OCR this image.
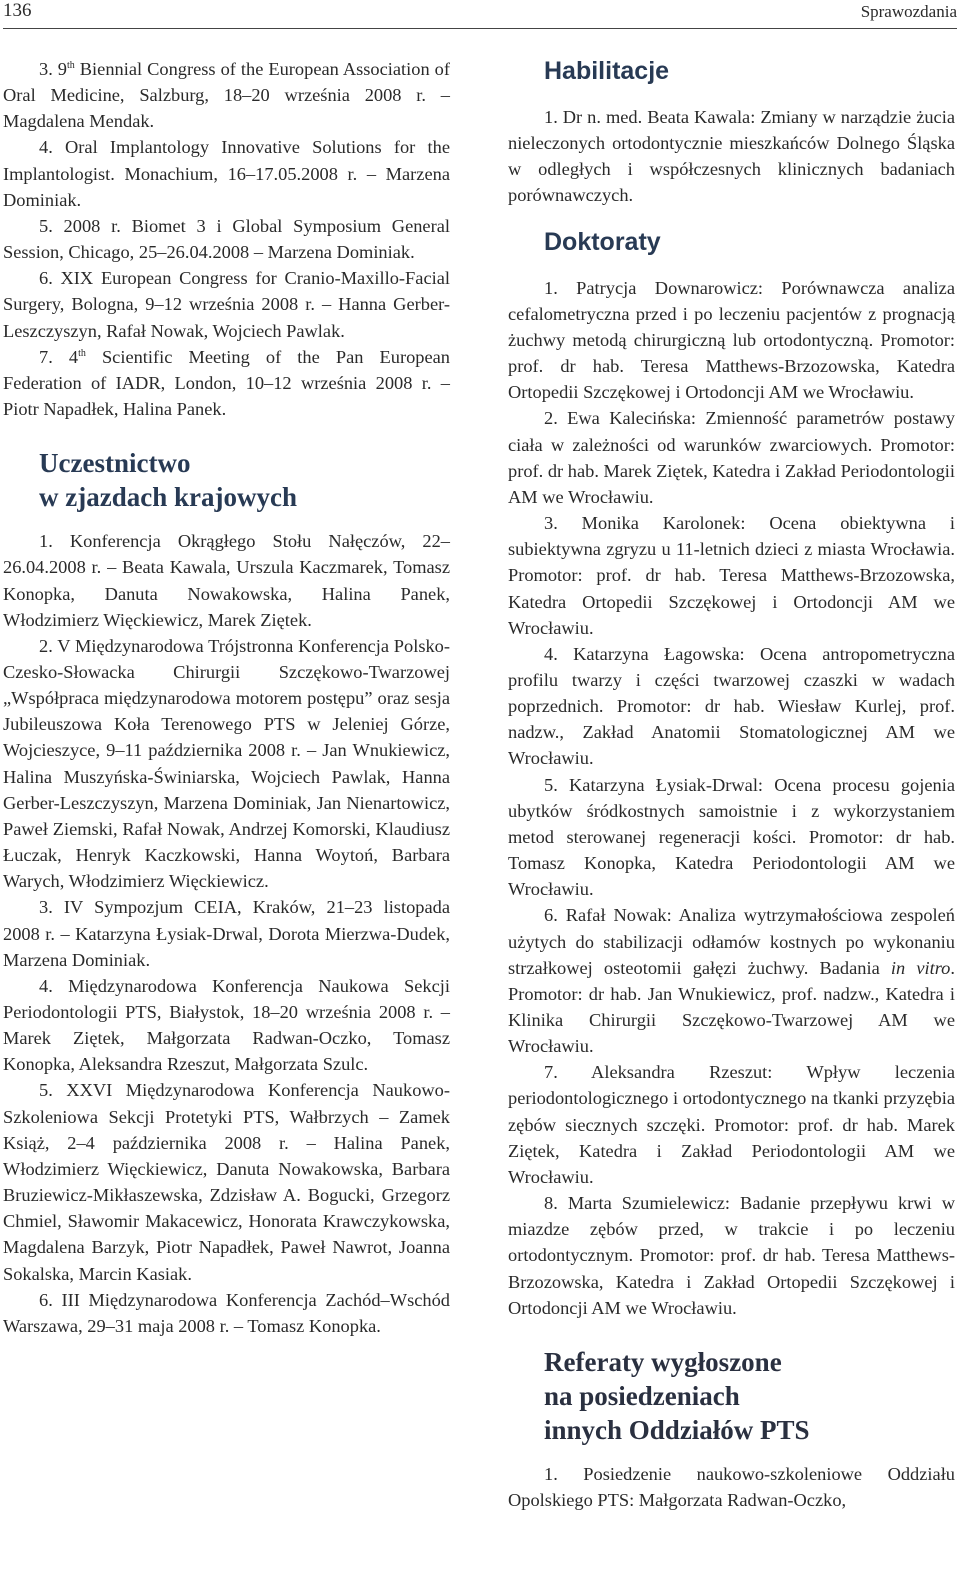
136	Sprawozdania

3. 9th Biennial Congress of the European Association of Oral Medicine, Salzburg, 18–20 września 2008 r. – Magdalena Mendak.

4. Oral Implantology Innovative Solutions for the Implantologist. Monachium, 16–17.05.2008 r. – Marzena Dominiak.

5. 2008 r. Biomet 3 i Global Symposium General Session, Chicago, 25–26.04.2008 – Marzena Dominiak.

6. XIX European Congress for Cranio-Maxillo-Facial Surgery, Bologna, 9–12 września 2008 r. – Hanna Gerber-Leszczyszyn, Rafał Nowak, Wojciech Pawlak.

7. 4th Scientific Meeting of the Pan European Federation of IADR, London, 10–12 września 2008 r. – Piotr Napadłek, Halina Panek.

Uczestnictwo
w zjazdach krajowych

1. Konferencja Okrągłego Stołu Nałęczów, 22–26.04.2008 r. – Beata Kawala, Urszula Kaczmarek, Tomasz Konopka, Danuta Nowakowska, Halina Panek, Włodzimierz Więckiewicz, Marek Ziętek.

2. V Międzynarodowa Trójstronna Konferencja Polsko-Czesko-Słowacka Chirurgii Szczękowo-Twarzowej „Współpraca międzynarodowa motorem postępu” oraz sesja Jubileuszowa Koła Terenowego PTS w Jeleniej Górze, Wojcieszyce, 9–11 października 2008 r. – Jan Wnukiewicz, Halina Muszyńska-Świniarska, Wojciech Pawlak, Hanna Gerber-Leszczyszyn, Marzena Dominiak, Jan Nienartowicz, Paweł Ziemski, Rafał Nowak, Andrzej Komorski, Klaudiusz Łuczak, Henryk Kaczkowski, Hanna Woytoń, Barbara Warych, Włodzimierz Więckiewicz.

3. IV Sympozjum CEIA, Kraków, 21–23 listopada 2008 r. – Katarzyna Łysiak-Drwal, Dorota Mierzwa-Dudek, Marzena Dominiak.

4. Międzynarodowa Konferencja Naukowa Sekcji Periodontologii PTS, Białystok, 18–20 września 2008 r. – Marek Ziętek, Małgorzata Radwan-Oczko, Tomasz Konopka, Aleksandra Rzeszut, Małgorzata Szulc.

5. XXVI Międzynarodowa Konferencja Naukowo-Szkoleniowa Sekcji Protetyki PTS, Wałbrzych – Zamek Książ, 2–4 października 2008 r. – Halina Panek, Włodzimierz Więckiewicz, Danuta Nowakowska, Barbara Bruziewicz-Mikłaszewska, Zdzisław A. Bogucki, Grzegorz Chmiel, Sławomir Makacewicz, Honorata Krawczykowska, Magdalena Barzyk, Piotr Napadłek, Paweł Nawrot, Joanna Sokalska, Marcin Kasiak.

6. III Międzynarodowa Konferencja Zachód–Wschód Warszawa, 29–31 maja 2008 r. – Tomasz Konopka.

Habilitacje

1. Dr n. med. Beata Kawala: Zmiany w narządzie żucia nieleczonych ortodontycznie mieszkańców Dolnego Śląska w odległych i współczesnych klinicznych badaniach porównawczych.

Doktoraty

1. Patrycja Downarowicz: Porównawcza analiza cefalometryczna przed i po leczeniu pacjentów z prognacją żuchwy metodą chirurgiczną lub ortodontyczną. Promotor: prof. dr hab. Teresa Matthews-Brzozowska, Katedra Ortopedii Szczękowej i Ortodoncji AM we Wrocławiu.

2. Ewa Kalecińska: Zmienność parametrów postawy ciała w zależności od warunków zwarciowych. Promotor: prof. dr hab. Marek Ziętek, Katedra i Zakład Periodontologii AM we Wrocławiu.

3. Monika Karolonek: Ocena obiektywna i subiektywna zgryzu u 11-letnich dzieci z miasta Wrocławia. Promotor: prof. dr hab. Teresa Matthews-Brzozowska, Katedra Ortopedii Szczękowej i Ortodoncji AM we Wrocławiu.

4. Katarzyna Łagowska: Ocena antropometryczna profilu twarzy i części twarzowej czaszki w wadach poprzednich. Promotor: dr hab. Wiesław Kurlej, prof. nadzw., Zakład Anatomii Stomatologicznej AM we Wrocławiu.

5. Katarzyna Łysiak-Drwal: Ocena procesu gojenia ubytków śródkostnych samoistnie i z wykorzystaniem metod sterowanej regeneracji kości. Promotor: dr hab. Tomasz Konopka, Katedra Periodontologii AM we Wrocławiu.

6. Rafał Nowak: Analiza wytrzymałościowa zespoleń użytych do stabilizacji odłamów kostnych po wykonaniu strzałkowej osteotomii gałęzi żuchwy. Badania in vitro. Promotor: dr hab. Jan Wnukiewicz, prof. nadzw., Katedra i Klinika Chirurgii Szczękowo-Twarzowej AM we Wrocławiu.

7. Aleksandra Rzeszut: Wpływ leczenia periodontologicznego i ortodontycznego na tkanki przyzębia zębów siecznych szczęki. Promotor: prof. dr hab. Marek Ziętek, Katedra i Zakład Periodontologii AM we Wrocławiu.

8. Marta Szumielewicz: Badanie przepływu krwi w miazdze zębów przed, w trakcie i po leczeniu ortodontycznym. Promotor: prof. dr hab. Teresa Matthews-Brzozowska, Katedra i Zakład Ortopedii Szczękowej i Ortodoncji AM we Wrocławiu.

Referaty wygłoszone
na posiedzeniach
innych Oddziałów PTS

1. Posiedzenie naukowo-szkoleniowe Oddziału Opolskiego PTS: Małgorzata Radwan-Oczko,
